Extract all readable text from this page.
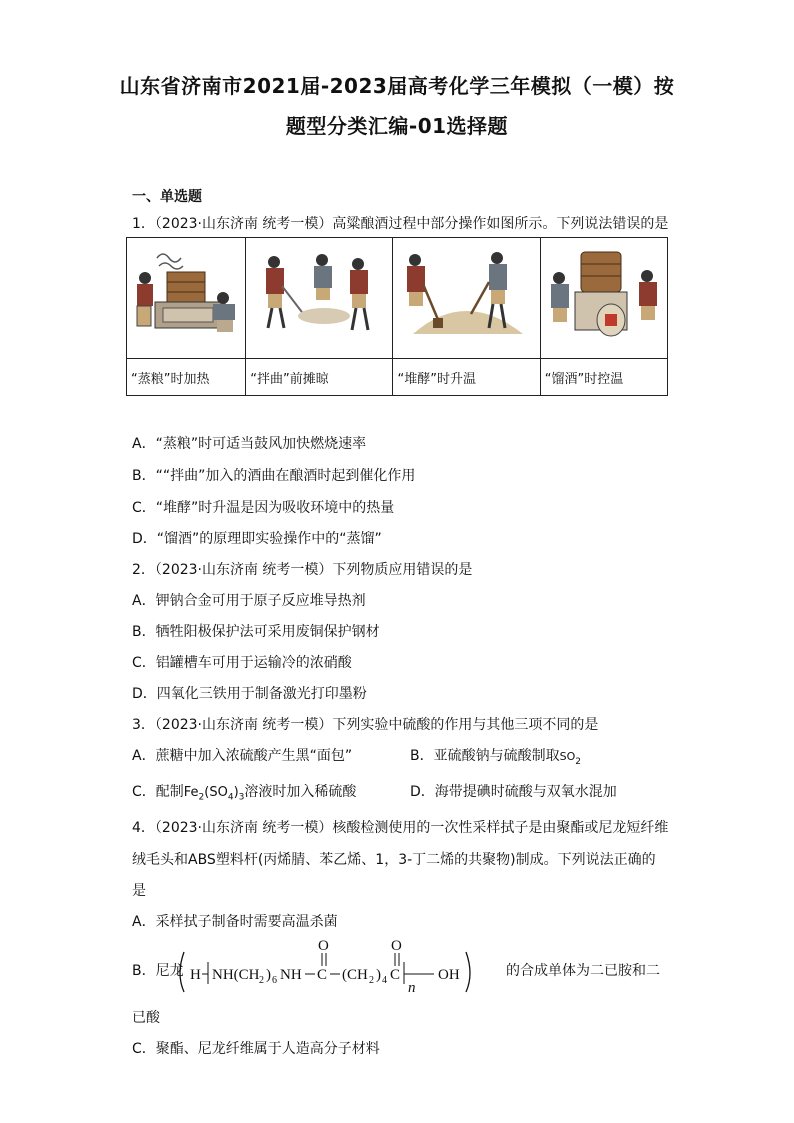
山东省济南市2021届-2023届高考化学三年模拟（一模）按
题型分类汇编-01选择题
一、单选题
1．（2023·山东济南 统考一模）高粱酿酒过程中部分操作如图所示。下列说法错误的是

“蒸粮”时加热	“拌曲”前摊晾	“堆酵”时升温	“馏酒”时控温
A．“蒸粮”时可适当鼓风加快燃烧速率
B．““拌曲”加入的酒曲在酿酒时起到催化作用
C．“堆酵”时升温是因为吸收环境中的热量
D．“馏酒”的原理即实验操作中的“蒸馏”
2．（2023·山东济南 统考一模）下列物质应用错误的是
A．钾钠合金可用于原子反应堆导热剂
B．牺牲阳极保护法可采用废铜保护钢材
C．铝罐槽车可用于运输冷的浓硝酸
D．四氧化三铁用于制备激光打印墨粉
3．（2023·山东济南 统考一模）下列实验中硫酸的作用与其他三项不同的是
A．蔗糖中加入浓硫酸产生黑“面包”	B．亚硫酸钠与硫酸制取$SO_2$
C．配制$Fe_2(SO_4)_3$溶液时加入稀硫酸	D．海带提碘时硫酸与双氧水混加
4．（2023·山东济南 统考一模）核酸检测使用的一次性采样拭子是由聚酯或尼龙短纤维
绒毛头和ABS塑料杆(丙烯腈、苯乙烯、1，3-丁二烯的共聚物)制成。下列说法正确的
是
A．采样拭子制备时需要高温杀菌
B．尼龙 H NH(CH 2 ) 6 NH C
O
(CH 2 ) 4 C
O
n
OH	的合成单体为二已胺和二
已酸
C．聚酯、尼龙纤维属于人造高分子材料
